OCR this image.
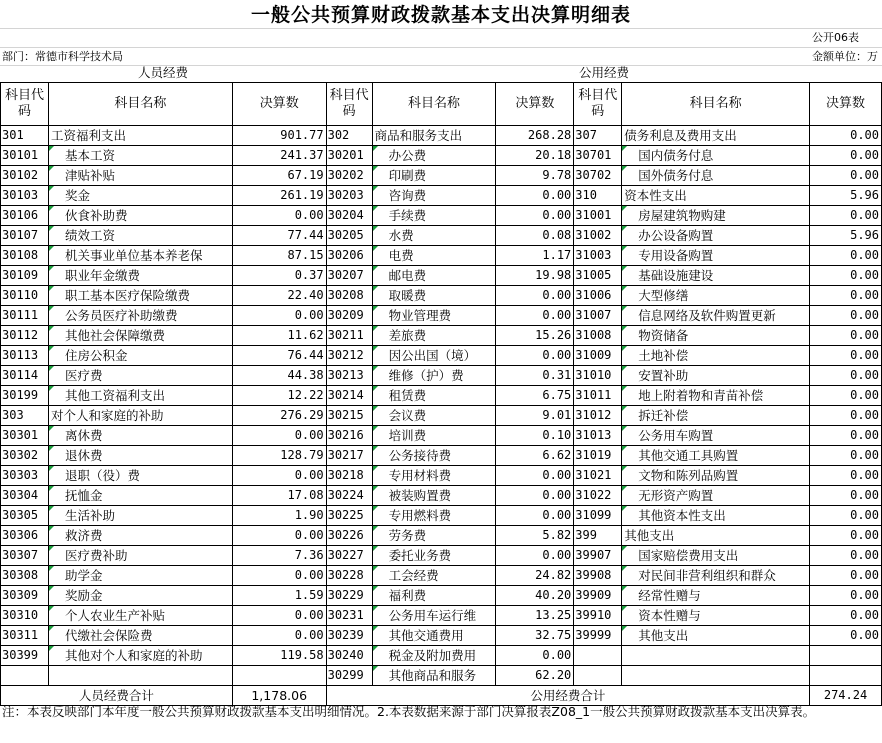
一般公共预算财政拨款基本支出决算明细表
公开06表
部门：常德市科学技术局	金额单位：万
人员经费	公用经费
科目代码	科目名称	决算数	科目代码	科目名称	决算数	科目代码	科目名称	决算数
301	工资福利支出	901.77	302	商品和服务支出	268.28	307	债务利息及费用支出	0.00
30101	基本工资	241.37	30201	办公费	20.18	30701	国内债务付息	0.00
30102	津贴补贴	67.19	30202	印刷费	9.78	30702	国外债务付息	0.00
30103	奖金	261.19	30203	咨询费	0.00	310	资本性支出	5.96
30106	伙食补助费	0.00	30204	手续费	0.00	31001	房屋建筑物购建	0.00
30107	绩效工资	77.44	30205	水费	0.08	31002	办公设备购置	5.96
30108	机关事业单位基本养老保	87.15	30206	电费	1.17	31003	专用设备购置	0.00
30109	职业年金缴费	0.37	30207	邮电费	19.98	31005	基础设施建设	0.00
30110	职工基本医疗保险缴费	22.40	30208	取暖费	0.00	31006	大型修缮	0.00
30111	公务员医疗补助缴费	0.00	30209	物业管理费	0.00	31007	信息网络及软件购置更新	0.00
30112	其他社会保障缴费	11.62	30211	差旅费	15.26	31008	物资储备	0.00
30113	住房公积金	76.44	30212	因公出国（境）	0.00	31009	土地补偿	0.00
30114	医疗费	44.38	30213	维修（护）费	0.31	31010	安置补助	0.00
30199	其他工资福利支出	12.22	30214	租赁费	6.75	31011	地上附着物和青苗补偿	0.00
303	对个人和家庭的补助	276.29	30215	会议费	9.01	31012	拆迁补偿	0.00
30301	离休费	0.00	30216	培训费	0.10	31013	公务用车购置	0.00
30302	退休费	128.79	30217	公务接待费	6.62	31019	其他交通工具购置	0.00
30303	退职（役）费	0.00	30218	专用材料费	0.00	31021	文物和陈列品购置	0.00
30304	抚恤金	17.08	30224	被装购置费	0.00	31022	无形资产购置	0.00
30305	生活补助	1.90	30225	专用燃料费	0.00	31099	其他资本性支出	0.00
30306	救济费	0.00	30226	劳务费	5.82	399	其他支出	0.00
30307	医疗费补助	7.36	30227	委托业务费	0.00	39907	国家赔偿费用支出	0.00
30308	助学金	0.00	30228	工会经费	24.82	39908	对民间非营利组织和群众	0.00
30309	奖励金	1.59	30229	福利费	40.20	39909	经常性赠与	0.00
30310	个人农业生产补贴	0.00	30231	公务用车运行维	13.25	39910	资本性赠与	0.00
30311	代缴社会保险费	0.00	30239	其他交通费用	32.75	39999	其他支出	0.00
30399	其他对个人和家庭的补助	119.58	30240	税金及附加费用	0.00			
			30299	其他商品和服务	62.20			
人员经费合计		1,178.06	公用经费合计					274.24
注：本表反映部门本年度一般公共预算财政拨款基本支出明细情况。2.本表数据来源于部门决算报表Z08_1一般公共预算财政拨款基本支出决算表。
